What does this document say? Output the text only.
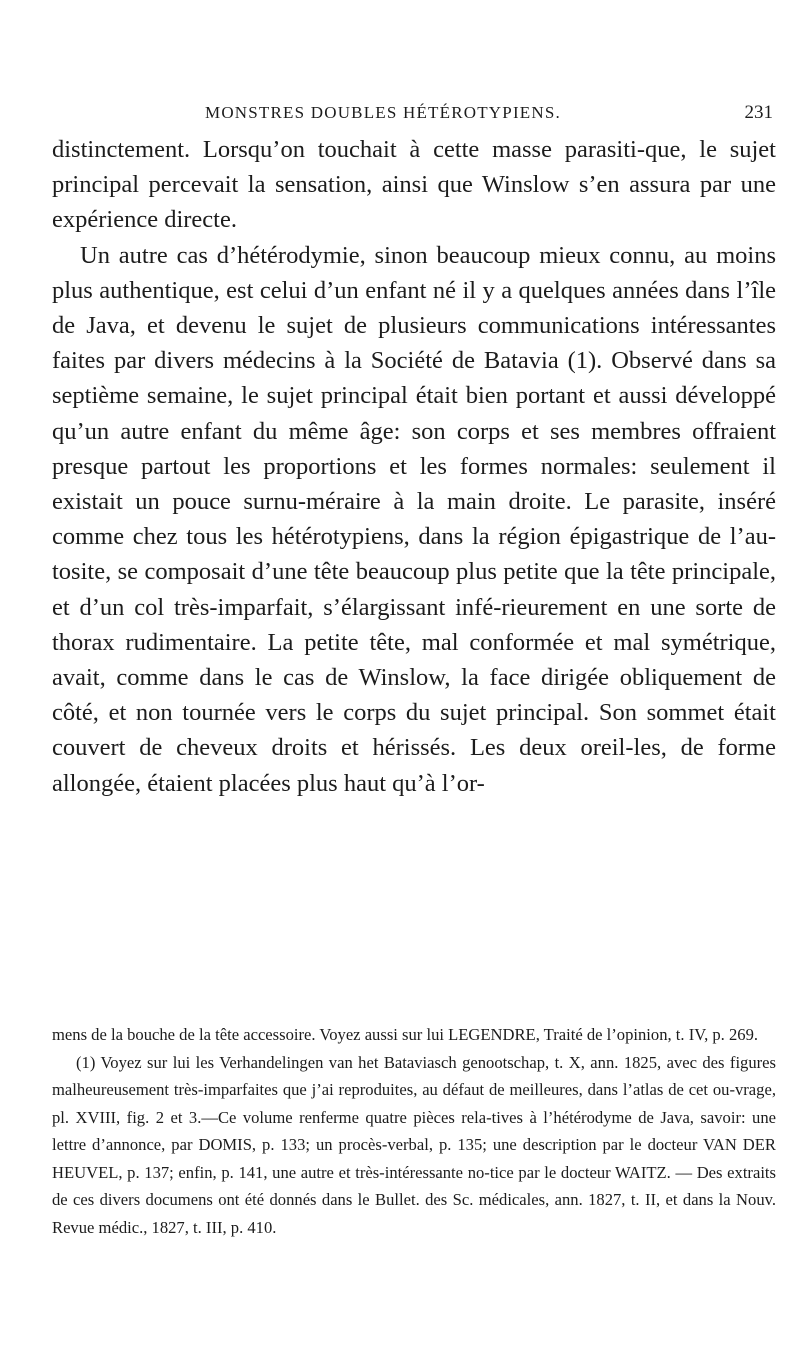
MONSTRES DOUBLES HÉTÉROTYPIENS.	231

distinctement. Lorsqu’on touchait à cette masse parasiti-que, le sujet principal percevait la sensation, ainsi que Winslow s’en assura par une expérience directe.

Un autre cas d’hétérodymie, sinon beaucoup mieux connu, au moins plus authentique, est celui d’un enfant né il y a quelques années dans l’île de Java, et devenu le sujet de plusieurs communications intéressantes faites par divers médecins à la Société de Batavia (1). Observé dans sa septième semaine, le sujet principal était bien portant et aussi développé qu’un autre enfant du même âge: son corps et ses membres offraient presque partout les proportions et les formes normales: seulement il existait un pouce surnu-méraire à la main droite. Le parasite, inséré comme chez tous les hétérotypiens, dans la région épigastrique de l’au-tosite, se composait d’une tête beaucoup plus petite que la tête principale, et d’un col très-imparfait, s’élargissant infé-rieurement en une sorte de thorax rudimentaire. La petite tête, mal conformée et mal symétrique, avait, comme dans le cas de Winslow, la face dirigée obliquement de côté, et non tournée vers le corps du sujet principal. Son sommet était couvert de cheveux droits et hérissés. Les deux oreil-les, de forme allongée, étaient placées plus haut qu’à l’or-

mens de la bouche de la tête accessoire. Voyez aussi sur lui LEGENDRE, Traité de l’opinion, t. IV, p. 269.

(1) Voyez sur lui les Verhandelingen van het Bataviasch genootschap, t. X, ann. 1825, avec des figures malheureusement très-imparfaites que j’ai reproduites, au défaut de meilleures, dans l’atlas de cet ou-vrage, pl. XVIII, fig. 2 et 3.—Ce volume renferme quatre pièces rela-tives à l’hétérodyme de Java, savoir: une lettre d’annonce, par DOMIS, p. 133; un procès-verbal, p. 135; une description par le docteur VAN DER HEUVEL, p. 137; enfin, p. 141, une autre et très-intéressante no-tice par le docteur WAITZ. — Des extraits de ces divers documens ont été donnés dans le Bullet. des Sc. médicales, ann. 1827, t. II, et dans la Nouv. Revue médic., 1827, t. III, p. 410.
